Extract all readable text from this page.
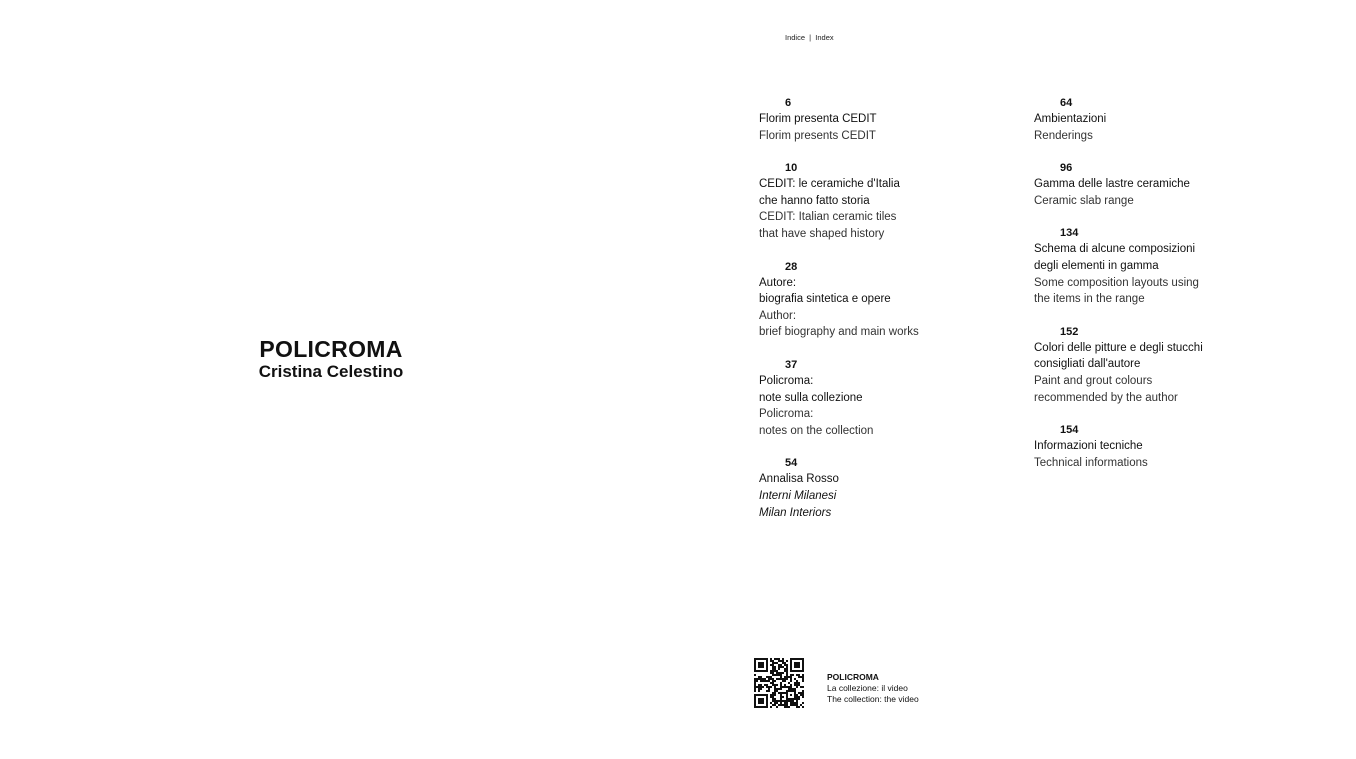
POLICROMA
Cristina Celestino
Indice  |  Index
6
Florim presenta CEDIT
Florim presents CEDIT
10
CEDIT: le ceramiche d'Italia
che hanno fatto storia
CEDIT: Italian ceramic tiles
that have shaped history
28
Autore:
biografia sintetica e opere
Author:
brief biography and main works
37
Policroma:
note sulla collezione
Policroma:
notes on the collection
54
Annalisa Rosso
Interni Milanesi
Milan Interiors
64
Ambientazioni
Renderings
96
Gamma delle lastre ceramiche
Ceramic slab range
134
Schema di alcune composizioni
degli elementi in gamma
Some composition layouts using
the items in the range
152
Colori delle pitture e degli stucchi
consigliati dall'autore
Paint and grout colours
recommended by the author
154
Informazioni tecniche
Technical informations
POLICROMA
La collezione: il video
The collection: the video
